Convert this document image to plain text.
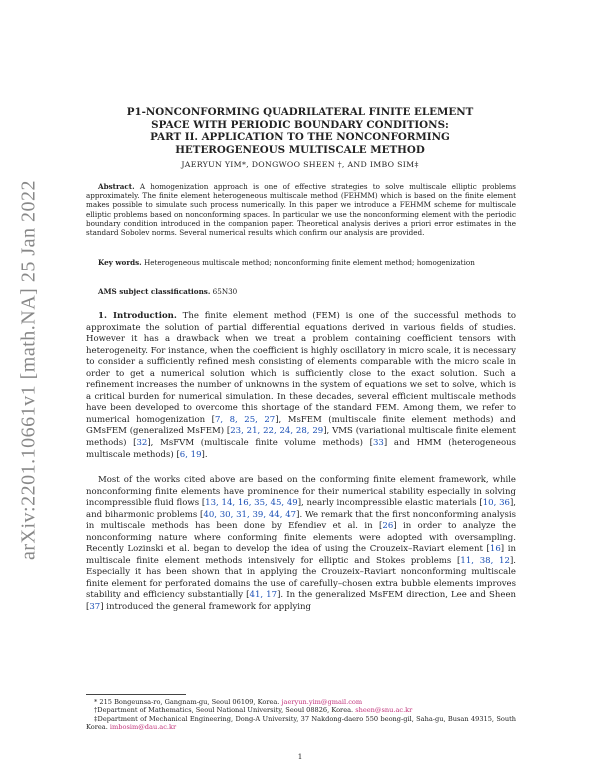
arXiv:2201.10661v1 [math.NA] 25 Jan 2022
P1-NONCONFORMING QUADRILATERAL FINITE ELEMENT
SPACE WITH PERIODIC BOUNDARY CONDITIONS:
PART II. APPLICATION TO THE NONCONFORMING
HETEROGENEOUS MULTISCALE METHOD
JAERYUN YIM*, DONGWOO SHEEN †, AND IMBO SIM‡
Abstract. A homogenization approach is one of effective strategies to solve multiscale elliptic problems approximately. The finite element heterogeneous multiscale method (FEHMM) which is based on the finite element makes possible to simulate such process numerically. In this paper we introduce a FEHMM scheme for multiscale elliptic problems based on nonconforming spaces. In particular we use the nonconforming element with the periodic boundary condition introduced in the companion paper. Theoretical analysis derives a priori error estimates in the standard Sobolev norms. Several numerical results which confirm our analysis are provided.
Key words. Heterogeneous multiscale method; nonconforming finite element method; homogenization
AMS subject classifications. 65N30
1. Introduction. The finite element method (FEM) is one of the successful methods to approximate the solution of partial differential equations derived in various fields of studies. However it has a drawback when we treat a problem containing coefficient tensors with heterogeneity. For instance, when the coefficient is highly oscillatory in micro scale, it is necessary to consider a sufficiently refined mesh consisting of elements comparable with the micro scale in order to get a numerical solution which is sufficiently close to the exact solution. Such a refinement increases the number of unknowns in the system of equations we set to solve, which is a critical burden for numerical simulation. In these decades, several efficient multiscale methods have been developed to overcome this shortage of the standard FEM. Among them, we refer to numerical homogenization [7, 8, 25, 27], MsFEM (multiscale finite element methods) and GMsFEM (generalized MsFEM) [23, 21, 22, 24, 28, 29], VMS (variational multiscale finite element methods) [32], MsFVM (multiscale finite volume methods) [33] and HMM (heterogeneous multiscale methods) [6, 19].
Most of the works cited above are based on the conforming finite element framework, while nonconforming finite elements have prominence for their numerical stability especially in solving incompressible fluid flows [13, 14, 16, 35, 45, 49], nearly incompressible elastic materials [10, 36], and biharmonic problems [40, 30, 31, 39, 44, 47]. We remark that the first nonconforming analysis in multiscale methods has been done by Efendiev et al. in [26] in order to analyze the nonconforming nature where conforming finite elements were adopted with oversampling. Recently Lozinski et al. began to develop the idea of using the Crouzeix–Raviart element [16] in multiscale finite element methods intensively for elliptic and Stokes problems [11, 38, 12]. Especially it has been shown that in applying the Crouzeix–Raviart nonconforming multiscale finite element for perforated domains the use of carefully–chosen extra bubble elements improves stability and efficiency substantially [41, 17]. In the generalized MsFEM direction, Lee and Sheen [37] introduced the general framework for applying
* 215 Bongeunsa-ro, Gangnam-gu, Seoul 06109, Korea. jaeryun.yim@gmail.com
†Department of Mathematics, Seoul National University, Seoul 08826, Korea. sheen@snu.ac.kr
‡Department of Mechanical Engineering, Dong-A University, 37 Nakdong-daero 550 beong-gil, Saha-gu, Busan 49315, South Korea. imbosim@dau.ac.kr
1
